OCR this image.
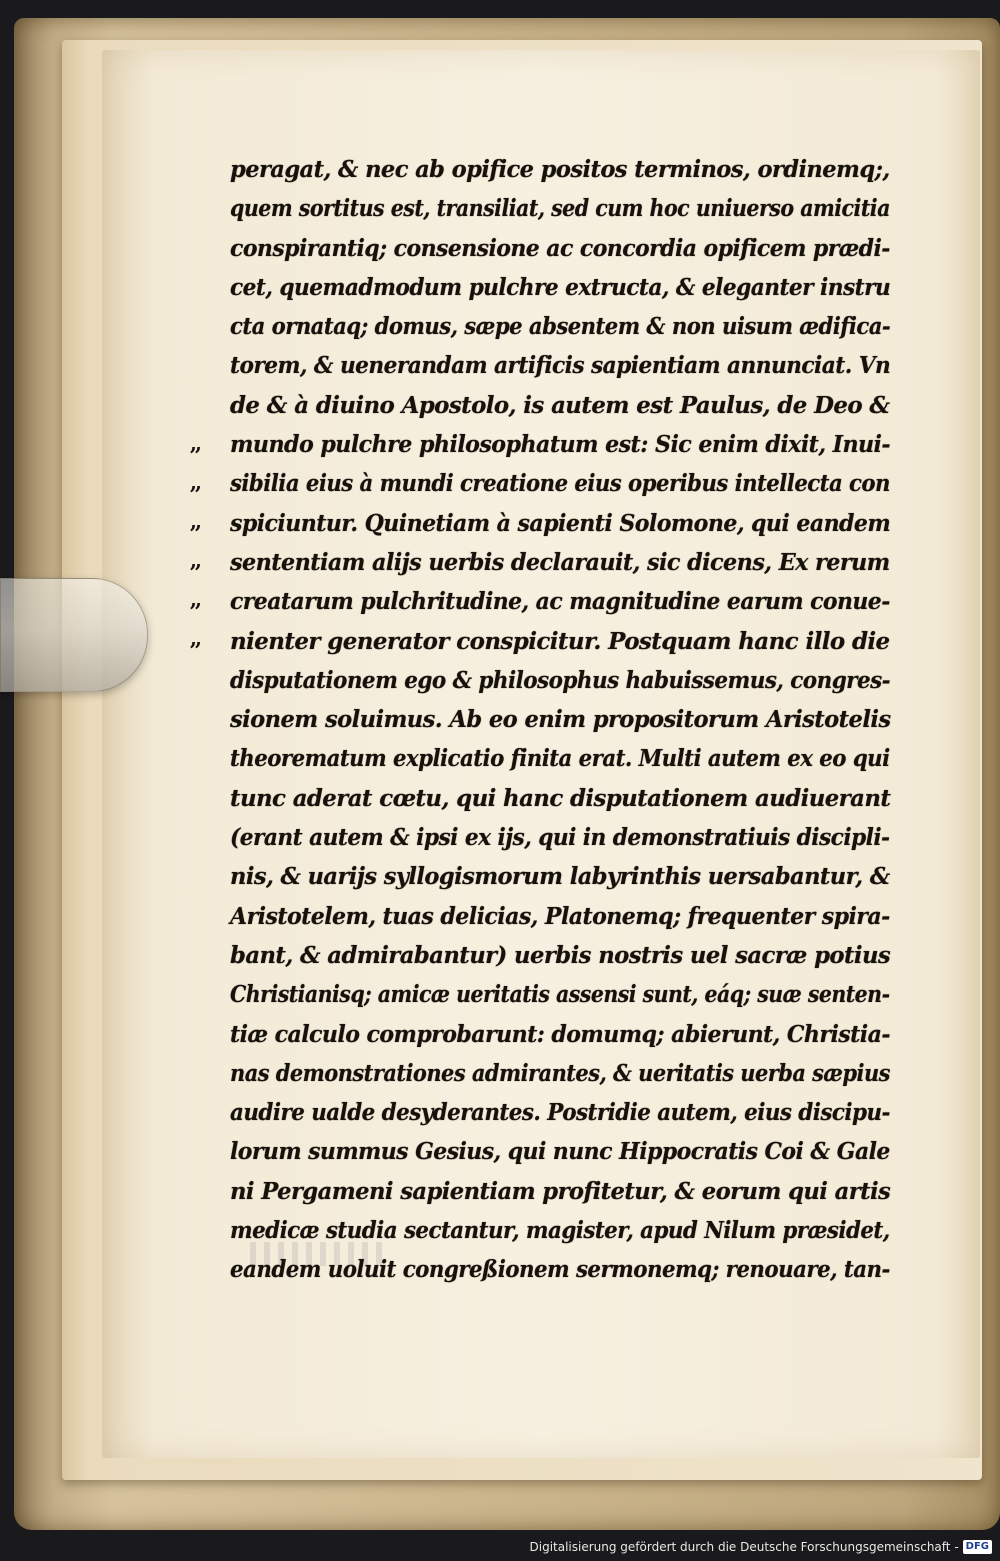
,,
,,
,,
,,
,,
,,
peragat, & nec ab opifice positos terminos, ordinemq;,
quem sortitus est, transiliat, sed cum hoc uniuerso amicitia
conspirantiq; consensione ac concordia opificem prædi-
cet, quemadmodum pulchre extructa, & eleganter instru
cta ornataq; domus, sæpe absentem & non uisum ædifica-
torem, & uenerandam artificis sapientiam annunciat. Vn
de & à diuino Apostolo, is autem est Paulus, de Deo &
mundo pulchre philosophatum est: Sic enim dixit, Inui-
sibilia eius à mundi creatione eius operibus intellecta con
spiciuntur. Quinetiam à sapienti Solomone, qui eandem
sententiam alijs uerbis declarauit, sic dicens, Ex rerum
creatarum pulchritudine, ac magnitudine earum conue-
nienter generator conspicitur. Postquam hanc illo die
disputationem ego & philosophus habuissemus, congres-
sionem soluimus. Ab eo enim propositorum Aristotelis
theorematum explicatio finita erat. Multi autem ex eo qui
tunc aderat cœtu, qui hanc disputationem audiuerant
(erant autem & ipsi ex ijs, qui in demonstratiuis discipli-
nis, & uarijs syllogismorum labyrinthis uersabantur, &
Aristotelem, tuas delicias, Platonemq; frequenter spira-
bant, & admirabantur) uerbis nostris uel sacræ potius
Christianisq; amicæ ueritatis assensi sunt, eáq; suæ senten-
tiæ calculo comprobarunt: domumq; abierunt, Christia-
nas demonstrationes admirantes, & ueritatis uerba sæpius
audire ualde desyderantes. Postridie autem, eius discipu-
lorum summus Gesius, qui nunc Hippocratis Coi & Gale
ni Pergameni sapientiam profitetur, & eorum qui artis
medicæ studia sectantur, magister, apud Nilum præsidet,
eandem uoluit congreßionem sermonemq; renouare, tan-
Digitalisierung gefördert durch die Deutsche Forschungsgemeinschaft - DFG
